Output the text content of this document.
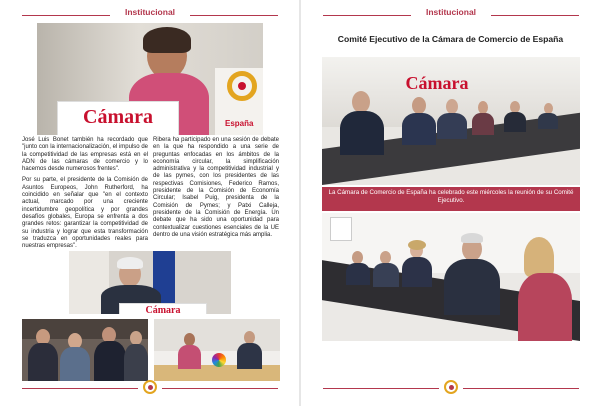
Institucional
Cámara	España

José Luis Bonet también ha recordado que "junto con la internacionalización, el impulso de la competitividad de las empresas está en el ADN de las cámaras de comercio y lo hacemos desde numerosos frentes".

Por su parte, el presidente de la Comisión de Asuntos Europeos, John Rutherford, ha coincidido en señalar que "en el contexto actual, marcado por una creciente incertidumbre geopolítica y por grandes desafíos globales, Europa se enfrenta a dos grandes retos: garantizar la competitividad de su industria y lograr que esta transformación se traduzca en oportunidades reales para nuestras empresas".

Ribera ha participado en una sesión de debate en la que ha respondido a una serie de preguntas enfocadas en los ámbitos de la economía circular, la simplificación administrativa y la competitividad industrial y de las pymes, con los presidentes de las respectivas Comisiones, Federico Ramos, presidente de la Comisión de Economía Circular; Isabel Puig, presidenta de la Comisión de Pymes; y Patxi Calleja, presidente de la Comisión de Energía. Un debate que ha sido una oportunidad para contextualizar cuestiones esenciales de la UE dentro de una visión estratégica más amplia.

Cámara
Institucional
Comité Ejecutivo de la Cámara de Comercio de España
Cámara
La Cámara de Comercio de España ha celebrado este miércoles la reunión de su Comité Ejecutivo.
